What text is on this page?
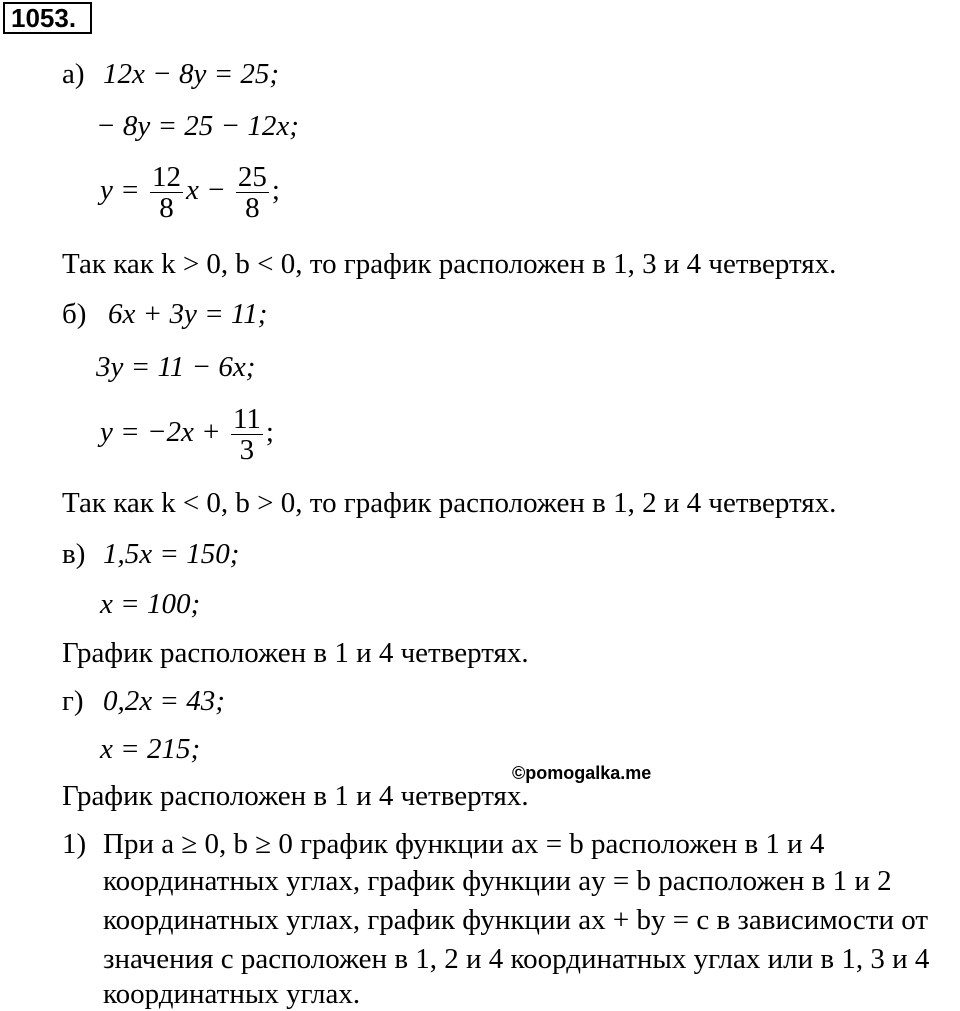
1053.
а) 12x − 8y = 25;
− 8y = 25 − 12x;
$y = \frac{12}{8}$ $x - \frac{25}{8}$ ;
Так как k > 0, b < 0, то график расположен в 1, 3 и 4 четвертях.
б) 6x + 3y = 11;
3y = 11 − 6x;
$y = -2x + \frac{11}{3}$ ;
Так как k < 0, b > 0, то график расположен в 1, 2 и 4 четвертях.
в) 1,5x = 150;
x = 100;
График расположен в 1 и 4 четвертях.
г) 0,2x = 43;
x = 215;
©pomogalka.me
График расположен в 1 и 4 четвертях.
1) При a ≥ 0, b ≥ 0 график функции ax = b расположен в 1 и 4
координатных углах, график функции ay = b расположен в 1 и 2
координатных углах, график функции ax + by = c в зависимости от
значения c расположен в 1, 2 и 4 координатных углах или в 1, 3 и 4
координатных углах.
